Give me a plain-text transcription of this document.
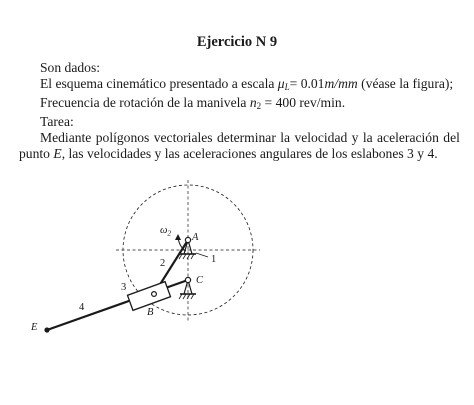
Ejercicio N 9
Son dados:
El esquema cinemático presentado a escala $\mu_L= 0.01m/mm$ (véase la figura);
Frecuencia de rotación de la manivela $n_2 = 400$ rev/min.
Tarea:
Mediante polígonos vectoriales determinar la velocidad y la aceleración del
punto E, las velocidades y las aceleraciones angulares de los eslabones 3 y 4.
$\omega_2$ A
C
B
E
1
2
3
4
